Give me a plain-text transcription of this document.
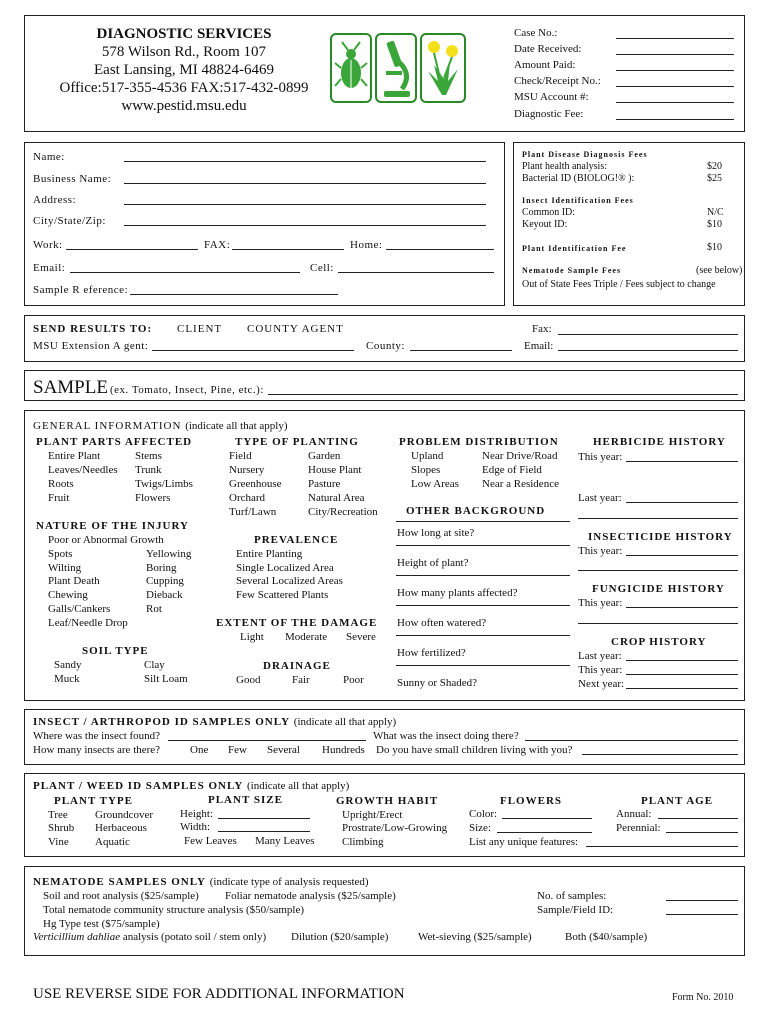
DIAGNOSTIC SERVICES
578 Wilson Rd., Room 107
East Lansing, MI 48824-6469
Office:517-355-4536 FAX:517-432-0899
www.pestid.msu.edu
Case No.:
Date Received:
Amount Paid:
Check/Receipt No.:
MSU Account #:
Diagnostic Fee:
Name:
Business Name:
Address:
City/State/Zip:
Work:	FAX:	Home:
Email:	Cell:
Sample R eference:
Plant Disease Diagnosis Fees
Plant health analysis:	$20
Bacterial ID (BIOLOG!® ):	$25
Insect Identification Fees
Common ID:	N/C
Keyout ID:	$10
Plant Identification Fee	$10
Nematode Sample Fees	(see below)
Out of State Fees Triple / Fees subject to change
SEND RESULTS TO: CLIENT COUNTY AGENT	Fax:
MSU Extension A gent:	County:	Email:
SAMPLE (ex. Tomato, Insect, Pine, etc.):
GENERAL INFORMATION (indicate all that apply)
PLANT PARTS AFFECTED
Entire Plant	Stems
Leaves/Needles Trunk
Roots	Twigs/Limbs
Fruit	Flowers
TYPE OF PLANTING
Field	Garden
Nursery	House Plant
Greenhouse Pasture
Orchard	Natural Area
Turf/Lawn	City/Recreation
PROBLEM DISTRIBUTION
Upland	Near Drive/Road
Slopes	Edge of Field
Low Areas Near a Residence
HERBICIDE HISTORY
This year:
Last year:
NATURE OF THE INJURY
Poor or Abnormal Growth
Spots	Yellowing
Wilting	Boring
Plant Death	Cupping
Chewing	Dieback
Galls/Cankers	Rot
Leaf/Needle Drop
OTHER BACKGROUND
How long at site?
Height of plant?
How many plants affected?
How often watered?
How fertilized?
Sunny or Shaded?
PREVALENCE
Entire Planting
Single Localized Area
Several Localized Areas
Few Scattered Plants
INSECTICIDE HISTORY
This year:
FUNGICIDE HISTORY
This year:
EXTENT OF THE DAMAGE
Light Moderate Severe	CROP HISTORY
Last year:
This year:
Next year:
SOIL TYPE
Sandy	Clay
Muck	Silt Loam
DRAINAGE
Good	Fair	Poor
INSECT / ARTHROPOD ID SAMPLES ONLY (indicate all that apply)
Where was the insect found?	What was the insect doing there?
How many insects are there?	One Few Several Hundreds Do you have small children living with you?
PLANT / WEED ID SAMPLES ONLY (indicate all that apply)
PLANT TYPE
Tree Groundcover
Shrub Herbaceous
Vine Aquatic
PLANT SIZE
Height:
Width:
Few Leaves Many Leaves
GROWTH HABIT
Upright/Erect
Prostrate/Low-Growing
Climbing
FLOWERS
Color:
Size:
List any unique features:
PLANT AGE
Annual:
Perennial:
NEMATODE SAMPLES ONLY (indicate type of analysis requested)
Soil and root analysis ($25/sample) Foliar nematode analysis ($25/sample)
Total nematode community structure analysis ($50/sample)
Hg Type test ($75/sample)
Verticillium dahliae analysis (potato soil / stem only) Dilution ($20/sample)	Wet-sieving ($25/sample)	Both ($40/sample)
No. of samples:
Sample/Field ID:
USE REVERSE SIDE FOR ADDITIONAL INFORMATION	Form No. 2010
